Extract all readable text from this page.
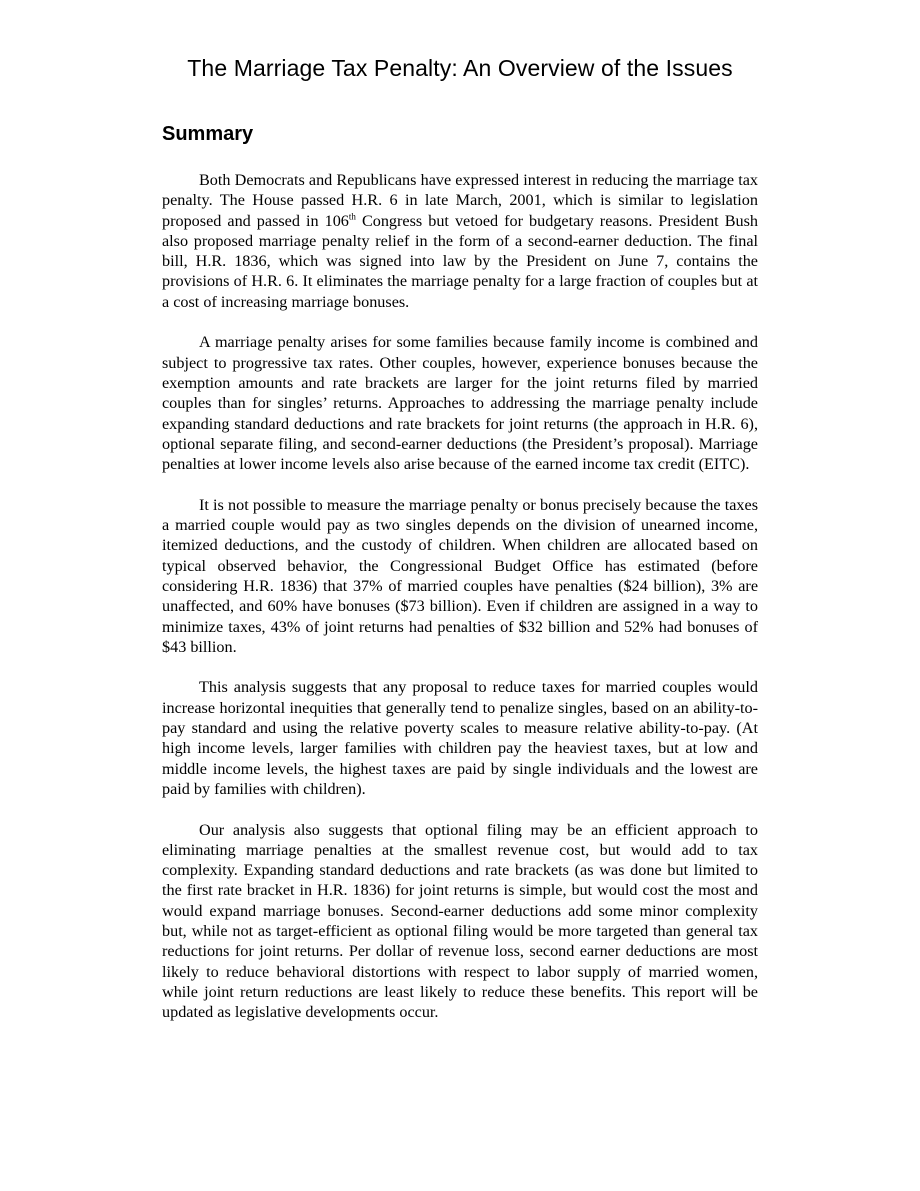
The Marriage Tax Penalty: An Overview of the Issues
Summary

Both Democrats and Republicans have expressed interest in reducing the marriage tax penalty. The House passed H.R. 6 in late March, 2001, which is similar to legislation proposed and passed in 106th Congress but vetoed for budgetary reasons. President Bush also proposed marriage penalty relief in the form of a second-earner deduction. The final bill, H.R. 1836, which was signed into law by the President on June 7, contains the provisions of H.R. 6. It eliminates the marriage penalty for a large fraction of couples but at a cost of increasing marriage bonuses.

A marriage penalty arises for some families because family income is combined and subject to progressive tax rates. Other couples, however, experience bonuses because the exemption amounts and rate brackets are larger for the joint returns filed by married couples than for singles’ returns. Approaches to addressing the marriage penalty include expanding standard deductions and rate brackets for joint returns (the approach in H.R. 6), optional separate filing, and second-earner deductions (the President’s proposal). Marriage penalties at lower income levels also arise because of the earned income tax credit (EITC).

It is not possible to measure the marriage penalty or bonus precisely because the taxes a married couple would pay as two singles depends on the division of unearned income, itemized deductions, and the custody of children. When children are allocated based on typical observed behavior, the Congressional Budget Office has estimated (before considering H.R. 1836) that 37% of married couples have penalties ($24 billion), 3% are unaffected, and 60% have bonuses ($73 billion). Even if children are assigned in a way to minimize taxes, 43% of joint returns had penalties of $32 billion and 52% had bonuses of $43 billion.

This analysis suggests that any proposal to reduce taxes for married couples would increase horizontal inequities that generally tend to penalize singles, based on an ability-to-pay standard and using the relative poverty scales to measure relative ability-to-pay. (At high income levels, larger families with children pay the heaviest taxes, but at low and middle income levels, the highest taxes are paid by single individuals and the lowest are paid by families with children).

Our analysis also suggests that optional filing may be an efficient approach to eliminating marriage penalties at the smallest revenue cost, but would add to tax complexity. Expanding standard deductions and rate brackets (as was done but limited to the first rate bracket in H.R. 1836) for joint returns is simple, but would cost the most and would expand marriage bonuses. Second-earner deductions add some minor complexity but, while not as target-efficient as optional filing would be more targeted than general tax reductions for joint returns. Per dollar of revenue loss, second earner deductions are most likely to reduce behavioral distortions with respect to labor supply of married women, while joint return reductions are least likely to reduce these benefits. This report will be updated as legislative developments occur.
